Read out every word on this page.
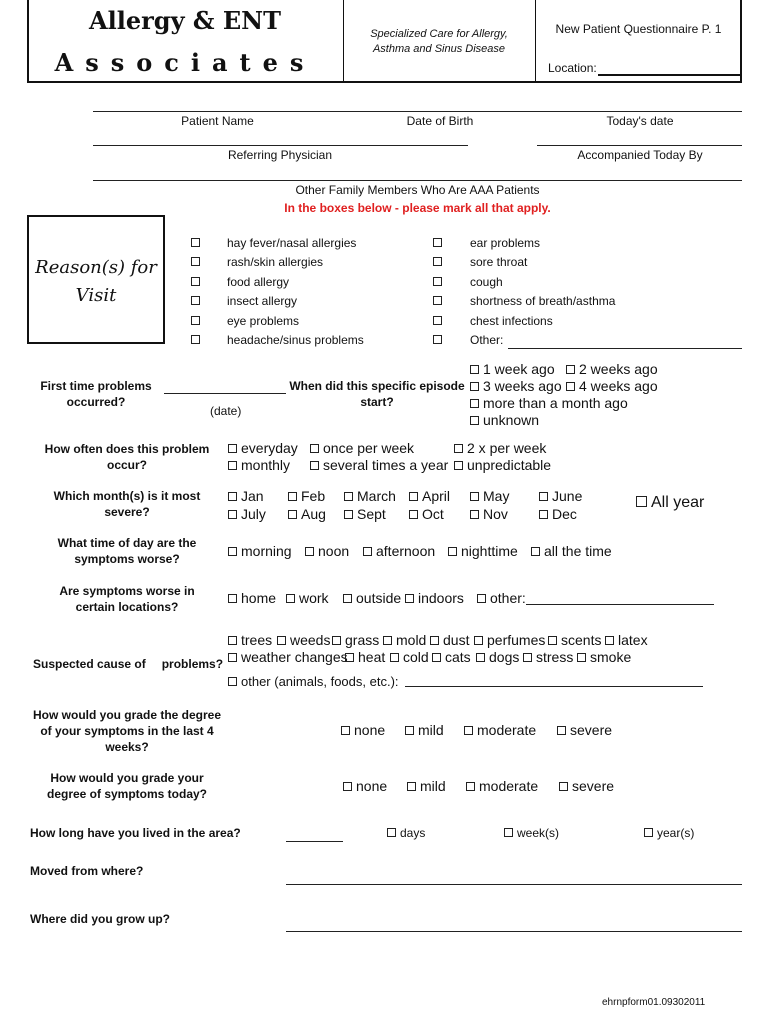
Allergy & ENT
Associates
Specialized Care for Allergy,
Asthma and Sinus Disease
New Patient Questionnaire P. 1
Location:
Patient Name	Date of Birth	Today's date
Referring Physician	Accompanied Today By
Other Family Members Who Are AAA Patients
In the boxes below - please mark all that apply.
Reason(s) for
Visit
hay fever/nasal allergies
rash/skin allergies
food allergy
insect allergy
eye problems
headache/sinus problems
ear problems
sore throat
cough
shortness of breath/asthma
chest infections
Other:
First time problems
occurred?
(date)
When did this specific episode
start?
1 week ago	2 weeks ago
3 weeks ago	4 weeks ago
more than a month ago
unknown
How often does this problem
occur?
everyday	once per week	2 x per week
monthly	several times a year	unpredictable
Which month(s) is it most
severe?
Jan	Feb	March	April	May	June
July	Aug	Sept	Oct	Nov	Dec
All year
What time of day are the
symptoms worse?	morning	noon	afternoon	nighttime	all the time
Are symptoms worse in
certain locations?
home	work	outside	indoors	other:
Suspected cause of problems?
trees	weeds	grass	mold	dust	perfumes	scents	latex
weather changes heat	cold	cats	dogs	stress	smoke
other (animals, foods, etc.):
How would you grade the degree
of your symptoms in the last 4
weeks?
none	mild	moderate	severe
How would you grade your
degree of symptoms today?	none	mild	moderate	severe
How long have you lived in the area?	days	week(s)	year(s)
Moved from where?
Where did you grow up?
ehrnpform01.09302011
